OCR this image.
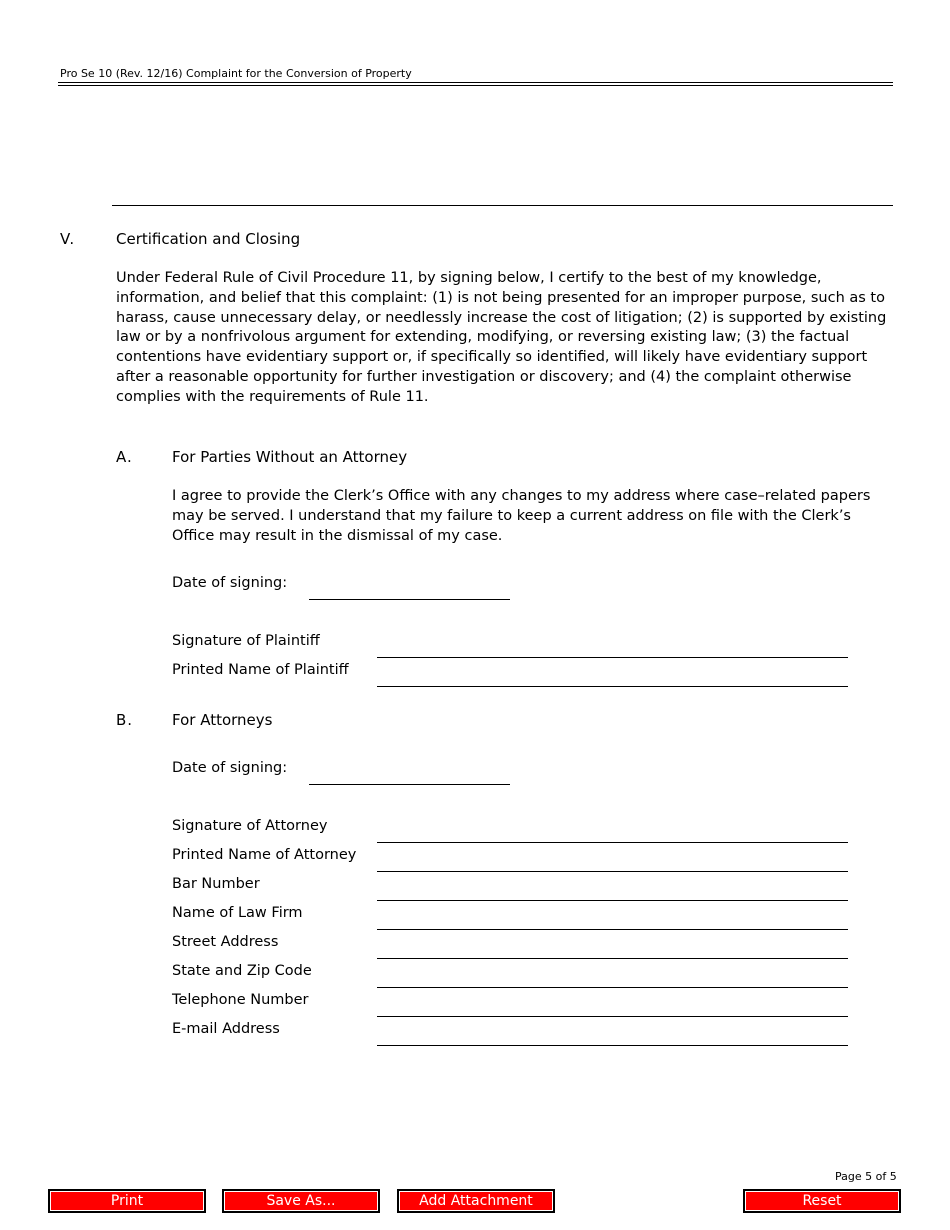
Pro Se 10 (Rev. 12/16) Complaint for the Conversion of Property
V.	Certification and Closing
Under Federal Rule of Civil Procedure 11, by signing below, I certify to the best of my knowledge, information, and belief that this complaint: (1) is not being presented for an improper purpose, such as to harass, cause unnecessary delay, or needlessly increase the cost of litigation; (2) is supported by existing law or by a nonfrivolous argument for extending, modifying, or reversing existing law; (3) the factual contentions have evidentiary support or, if specifically so identified, will likely have evidentiary support after a reasonable opportunity for further investigation or discovery; and (4) the complaint otherwise complies with the requirements of Rule 11.
A.	For Parties Without an Attorney
I agree to provide the Clerk’s Office with any changes to my address where case–related papers may be served. I understand that my failure to keep a current address on file with the Clerk’s Office may result in the dismissal of my case.
Date of signing:
Signature of Plaintiff
Printed Name of Plaintiff
B.	For Attorneys
Date of signing:
Signature of Attorney
Printed Name of Attorney
Bar Number
Name of Law Firm
Street Address
State and Zip Code
Telephone Number
E-mail Address
Page 5 of 5
Print	Save As...	Add Attachment	Reset
